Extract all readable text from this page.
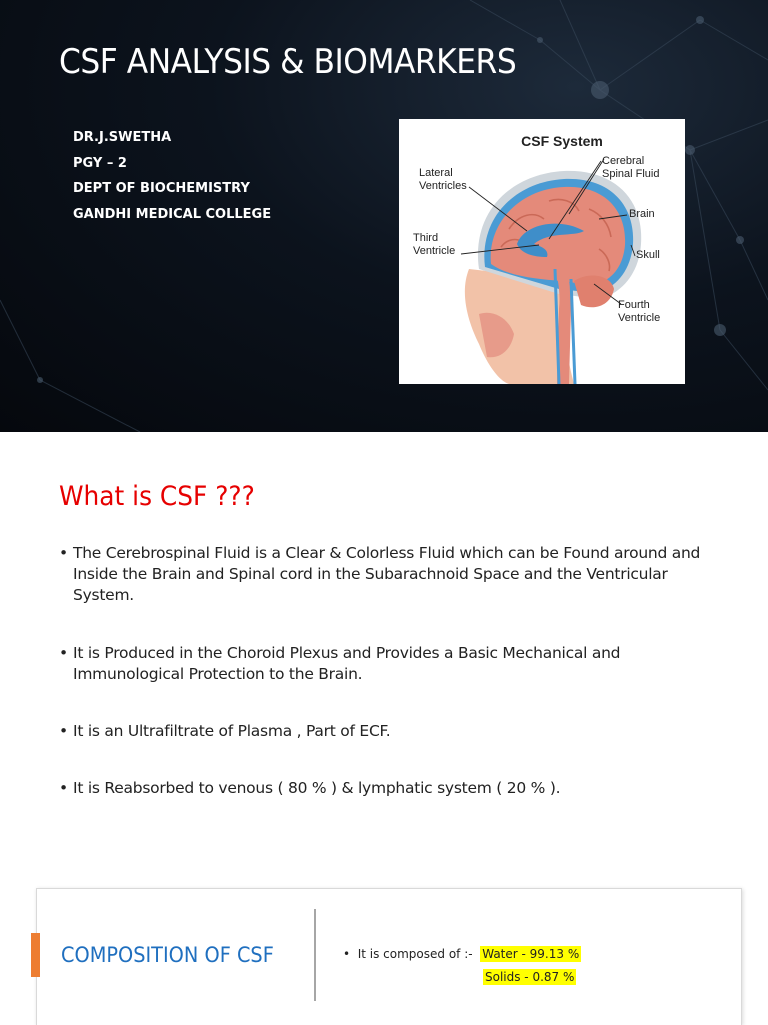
CSF ANALYSIS & BIOMARKERS
DR.J.SWETHA
PGY – 2
DEPT OF BIOCHEMISTRY
GANDHI MEDICAL COLLEGE
CSF System
Lateral
Ventricles
Third
Ventricle
Cerebral
Spinal Fluid
Brain
Skull
Fourth
Ventricle
What is CSF ???
• The Cerebrospinal Fluid is a Clear & Colorless Fluid which can be Found around and Inside the Brain and Spinal cord in the Subarachnoid Space and the Ventricular System.
• It is Produced in the Choroid Plexus and Provides a Basic Mechanical and Immunological Protection to the Brain.
• It is an Ultrafiltrate of Plasma , Part of ECF.
• It is Reabsorbed to venous ( 80 % ) & lymphatic system ( 20 % ).
COMPOSITION OF CSF	•  It is composed of :- Water - 99.13 %
Solids - 0.87 %
